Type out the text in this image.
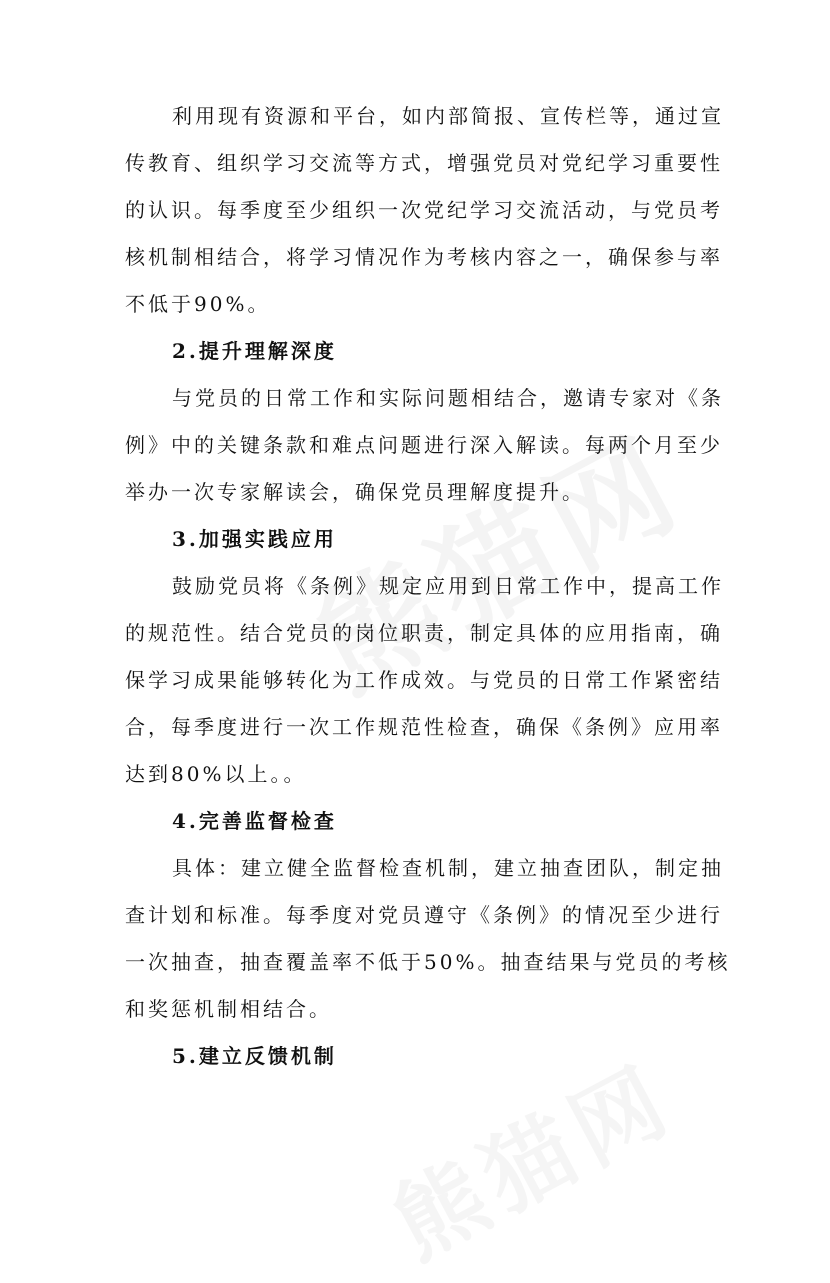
利用现有资源和平台，如内部简报、宣传栏等，通过宣
传教育、组织学习交流等方式，增强党员对党纪学习重要性
的认识。每季度至少组织一次党纪学习交流活动，与党员考
核机制相结合，将学习情况作为考核内容之一，确保参与率
不低于90%。
2.提升理解深度
与党员的日常工作和实际问题相结合，邀请专家对《条
例》中的关键条款和难点问题进行深入解读。每两个月至少
举办一次专家解读会，确保党员理解度提升。
3.加强实践应用
鼓励党员将《条例》规定应用到日常工作中，提高工作
的规范性。结合党员的岗位职责，制定具体的应用指南，确
保学习成果能够转化为工作成效。与党员的日常工作紧密结
合，每季度进行一次工作规范性检查，确保《条例》应用率
达到80%以上。。
4.完善监督检查
具体：建立健全监督检查机制，建立抽查团队，制定抽
查计划和标准。每季度对党员遵守《条例》的情况至少进行
一次抽查，抽查覆盖率不低于50%。抽查结果与党员的考核
和奖惩机制相结合。
5.建立反馈机制
